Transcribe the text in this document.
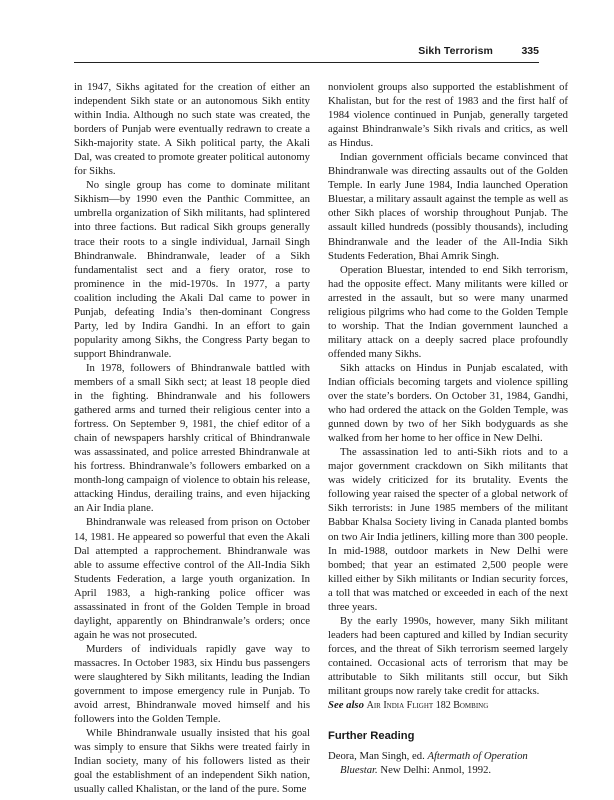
Sikh Terrorism	335

in 1947, Sikhs agitated for the creation of either an independent Sikh state or an autonomous Sikh entity within India. Although no such state was created, the borders of Punjab were eventually redrawn to create a Sikh-majority state. A Sikh political party, the Akali Dal, was created to promote greater political autonomy for Sikhs.

No single group has come to dominate militant Sikhism—by 1990 even the Panthic Committee, an umbrella organization of Sikh militants, had splintered into three factions. But radical Sikh groups generally trace their roots to a single individual, Jarnail Singh Bhindranwale. Bhindranwale, leader of a Sikh fundamentalist sect and a fiery orator, rose to prominence in the mid-1970s. In 1977, a party coalition including the Akali Dal came to power in Punjab, defeating India’s then-dominant Congress Party, led by Indira Gandhi. In an effort to gain popularity among Sikhs, the Congress Party began to support Bhindranwale.

In 1978, followers of Bhindranwale battled with members of a small Sikh sect; at least 18 people died in the fighting. Bhindranwale and his followers gathered arms and turned their religious center into a fortress. On September 9, 1981, the chief editor of a chain of newspapers harshly critical of Bhindranwale was assassinated, and police arrested Bhindranwale at his fortress. Bhindranwale’s followers embarked on a month-long campaign of violence to obtain his release, attacking Hindus, derailing trains, and even hijacking an Air India plane.

Bhindranwale was released from prison on October 14, 1981. He appeared so powerful that even the Akali Dal attempted a rapprochement. Bhindranwale was able to assume effective control of the All-India Sikh Students Federation, a large youth organization. In April 1983, a high-ranking police officer was assassinated in front of the Golden Temple in broad daylight, apparently on Bhindranwale’s orders; once again he was not prosecuted.

Murders of individuals rapidly gave way to massacres. In October 1983, six Hindu bus passengers were slaughtered by Sikh militants, leading the Indian government to impose emergency rule in Punjab. To avoid arrest, Bhindranwale moved himself and his followers into the Golden Temple.

While Bhindranwale usually insisted that his goal was simply to ensure that Sikhs were treated fairly in Indian society, many of his followers listed as their goal the establishment of an independent Sikh nation, usually called Khalistan, or the land of the pure. Some

nonviolent groups also supported the establishment of Khalistan, but for the rest of 1983 and the first half of 1984 violence continued in Punjab, generally targeted against Bhindranwale’s Sikh rivals and critics, as well as Hindus.

Indian government officials became convinced that Bhindranwale was directing assaults out of the Golden Temple. In early June 1984, India launched Operation Bluestar, a military assault against the temple as well as other Sikh places of worship throughout Punjab. The assault killed hundreds (possibly thousands), including Bhindranwale and the leader of the All-India Sikh Students Federation, Bhai Amrik Singh.

Operation Bluestar, intended to end Sikh terrorism, had the opposite effect. Many militants were killed or arrested in the assault, but so were many unarmed religious pilgrims who had come to the Golden Temple to worship. That the Indian government launched a military attack on a deeply sacred place profoundly offended many Sikhs.

Sikh attacks on Hindus in Punjab escalated, with Indian officials becoming targets and violence spilling over the state’s borders. On October 31, 1984, Gandhi, who had ordered the attack on the Golden Temple, was gunned down by two of her Sikh bodyguards as she walked from her home to her office in New Delhi.

The assassination led to anti-Sikh riots and to a major government crackdown on Sikh militants that was widely criticized for its brutality. Events the following year raised the specter of a global network of Sikh terrorists: in June 1985 members of the militant Babbar Khalsa Society living in Canada planted bombs on two Air India jetliners, killing more than 300 people. In mid-1988, outdoor markets in New Delhi were bombed; that year an estimated 2,500 people were killed either by Sikh militants or Indian security forces, a toll that was matched or exceeded in each of the next three years.

By the early 1990s, however, many Sikh militant leaders had been captured and killed by Indian security forces, and the threat of Sikh terrorism seemed largely contained. Occasional acts of terrorism that may be attributable to Sikh militants still occur, but Sikh militant groups now rarely take credit for attacks.

See also Air India Flight 182 Bombing

Further Reading

Deora, Man Singh, ed. Aftermath of Operation Bluestar. New Delhi: Anmol, 1992.
